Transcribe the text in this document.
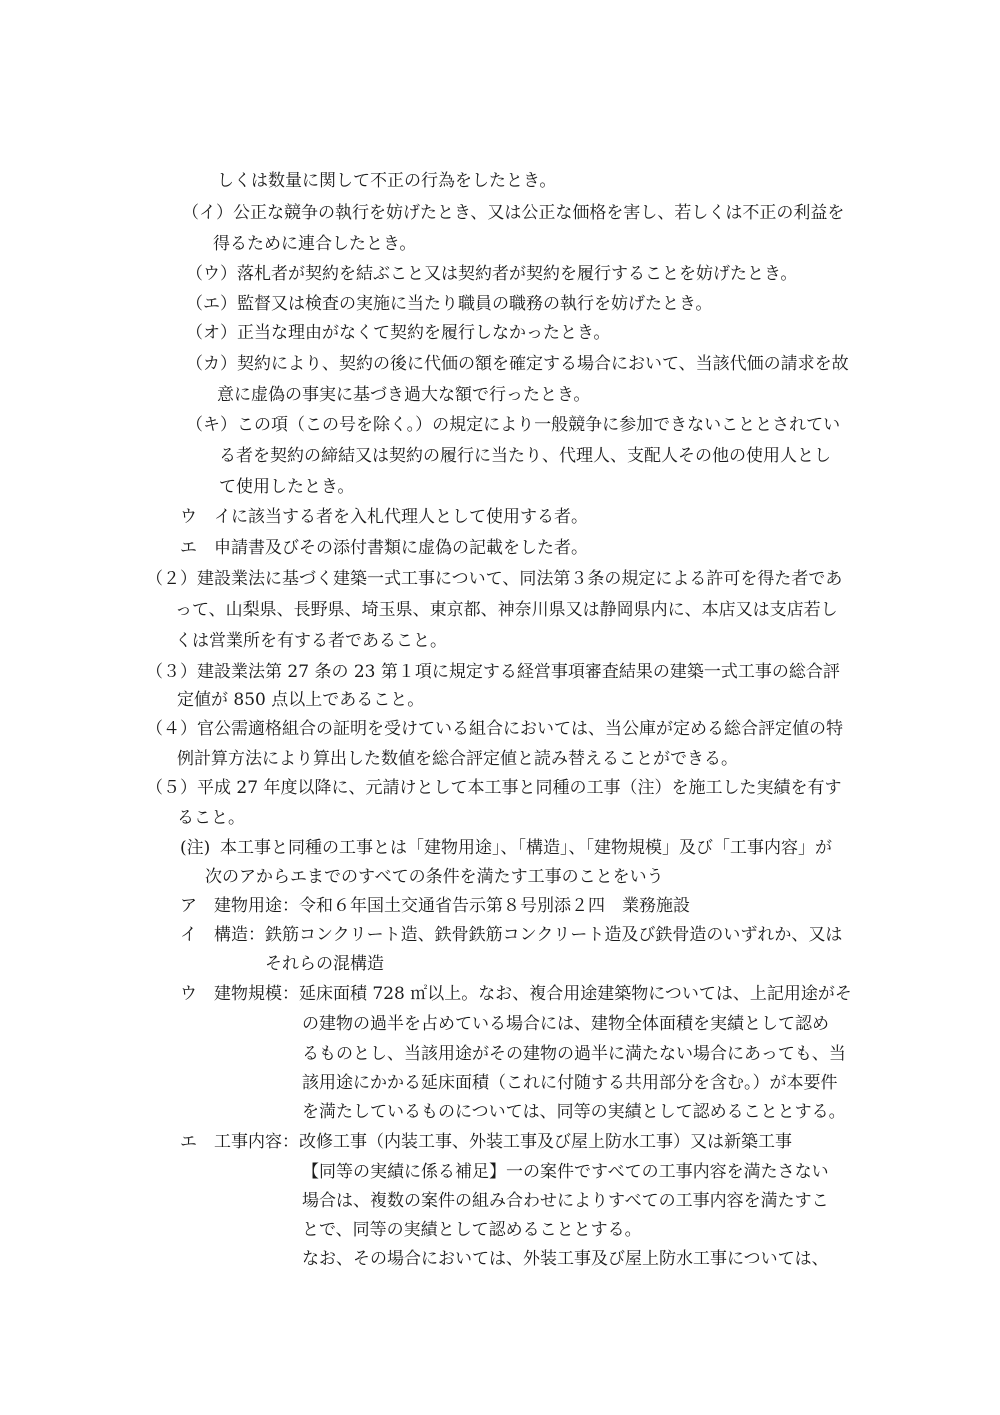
しくは数量に関して不正の行為をしたとき。
（イ）公正な競争の執行を妨げたとき、又は公正な価格を害し、若しくは不正の利益を
得るために連合したとき。
（ウ）落札者が契約を結ぶこと又は契約者が契約を履行することを妨げたとき。
（エ）監督又は検査の実施に当たり職員の職務の執行を妨げたとき。
（オ）正当な理由がなくて契約を履行しなかったとき。
（カ）契約により、契約の後に代価の額を確定する場合において、当該代価の請求を故
意に虚偽の事実に基づき過大な額で行ったとき。
（キ）この項（この号を除く。）の規定により一般競争に参加できないこととされてい
る者を契約の締結又は契約の履行に当たり、代理人、支配人その他の使用人とし
て使用したとき。
ウ イに該当する者を入札代理人として使用する者。
エ 申請書及びその添付書類に虚偽の記載をした者。
（２）建設業法に基づく建築一式工事について、同法第３条の規定による許可を得た者であ
って、山梨県、長野県、埼玉県、東京都、神奈川県又は静岡県内に、本店又は支店若し
くは営業所を有する者であること。
（３）建設業法第 27 条の 23 第１項に規定する経営事項審査結果の建築一式工事の総合評
定値が 850 点以上であること。
（４）官公需適格組合の証明を受けている組合においては、当公庫が定める総合評定値の特
例計算方法により算出した数値を総合評定値と読み替えることができる。
（５）平成 27 年度以降に、元請けとして本工事と同種の工事（注）を施工した実績を有す
ること。
(注) 本工事と同種の工事とは「建物用途」、「構造」、「建物規模」及び「工事内容」が
次のアからエまでのすべての条件を満たす工事のことをいう
ア 建物用途：令和６年国土交通省告示第８号別添２四　業務施設
イ 構造：鉄筋コンクリート造、鉄骨鉄筋コンクリート造及び鉄骨造のいずれか、又は
それらの混構造
ウ 建物規模：延床面積 728 ㎡以上。なお、複合用途建築物については、上記用途がそ
の建物の過半を占めている場合には、建物全体面積を実績として認め
るものとし、当該用途がその建物の過半に満たない場合にあっても、当
該用途にかかる延床面積（これに付随する共用部分を含む。）が本要件
を満たしているものについては、同等の実績として認めることとする。
エ 工事内容：改修工事（内装工事、外装工事及び屋上防水工事）又は新築工事
【同等の実績に係る補足】一の案件ですべての工事内容を満たさない
場合は、複数の案件の組み合わせによりすべての工事内容を満たすこ
とで、同等の実績として認めることとする。
なお、その場合においては、外装工事及び屋上防水工事については、
